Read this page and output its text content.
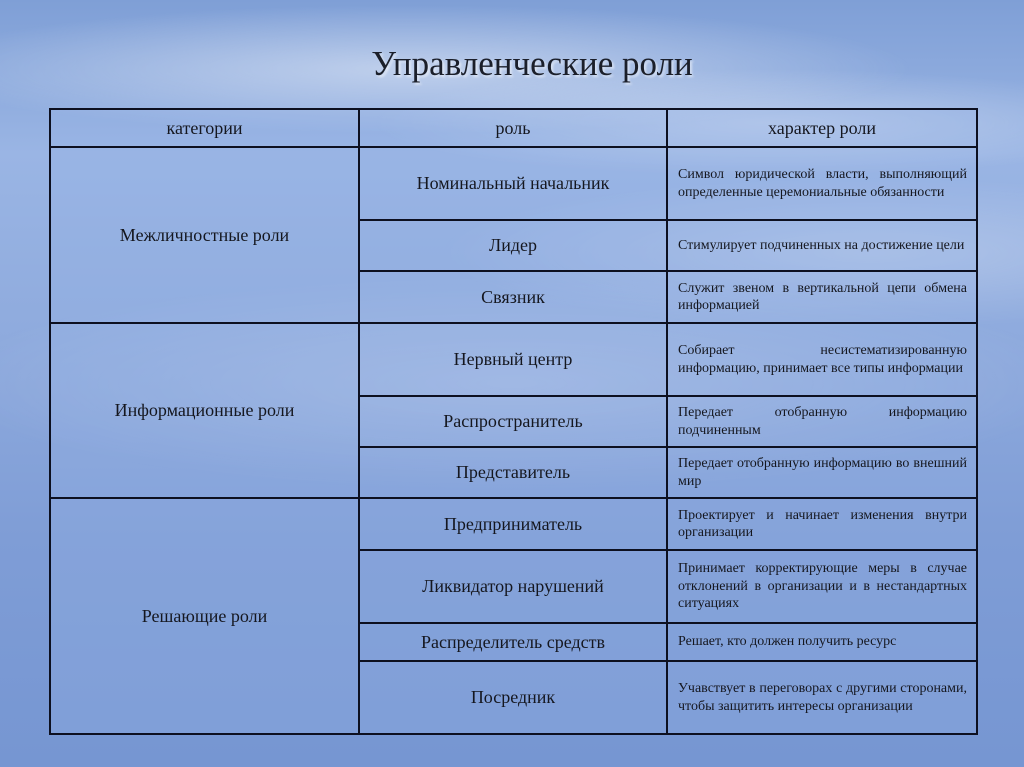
Управленческие роли
категории	роль	характер роли
Межличностные роли	Номинальный начальник	Символ юридической власти, выполняющий определенные церемониальные обязанности

	Лидер	Стимулирует подчиненных на достижение цели

	Связник	Служит звеном в вертикальной цепи обмена информацией

Информационные роли	Нервный центр	Собирает несистематизированную информацию, принимает все типы информации

	Распространитель	Передает отобранную информацию подчиненным

	Представитель	Передает отобранную информацию во внешний мир

Решающие роли	Предприниматель	Проектирует и начинает изменения внутри организации

	Ликвидатор нарушений	Принимает корректирующие меры в случае отклонений в организации и в нестандартных ситуациях

	Распределитель средств	Решает, кто должен получить ресурс

	Посредник	Учавствует в переговорах с другими сторонами, чтобы защитить интересы организации
